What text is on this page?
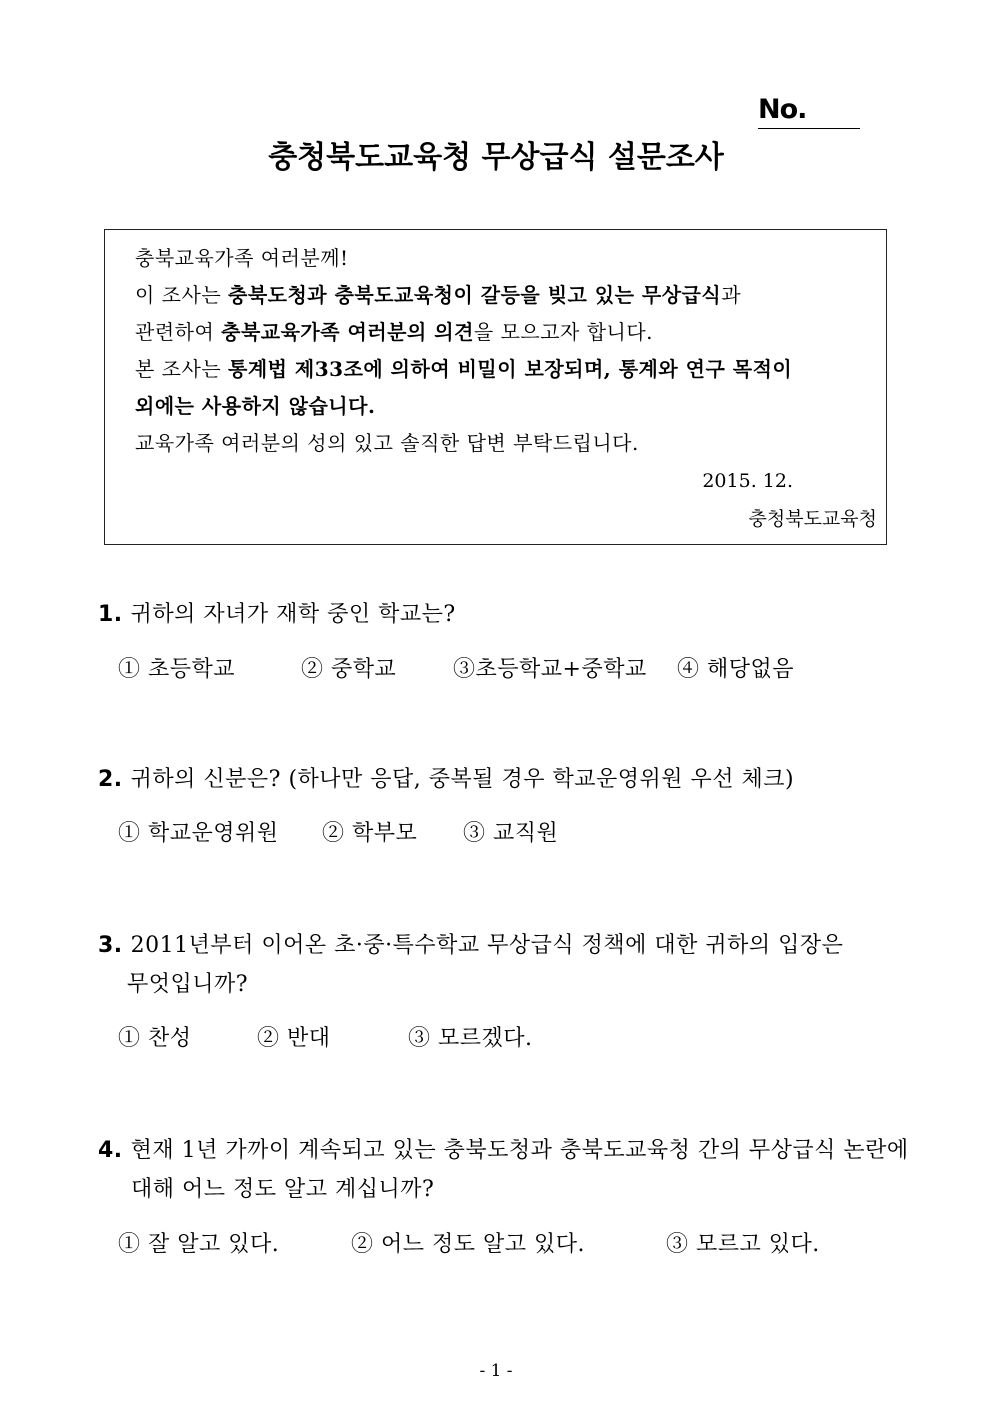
No.
충청북도교육청 무상급식 설문조사
충북교육가족 여러분께!
이 조사는 충북도청과 충북도교육청이 갈등을 빚고 있는 무상급식과
관련하여 충북교육가족 여러분의 의견을 모으고자 합니다.
본 조사는 통계법 제33조에 의하여 비밀이 보장되며, 통계와 연구 목적이
외에는 사용하지 않습니다.
교육가족 여러분의 성의 있고 솔직한 답변 부탁드립니다.
2015. 12.
충청북도교육청
1. 귀하의 자녀가 재학 중인 학교는?
① 초등학교	② 중학교	③초등학교+중학교 ④ 해당없음
2. 귀하의 신분은? (하나만 응답, 중복될 경우 학교운영위원 우선 체크)
① 학교운영위원 ② 학부모 ③ 교직원
3. 2011년부터 이어온 초·중·특수학교 무상급식 정책에 대한 귀하의 입장은
무엇입니까?
① 찬성	② 반대	③ 모르겠다.
4. 현재 1년 가까이 계속되고 있는 충북도청과 충북도교육청 간의 무상급식 논란에
대해 어느 정도 알고 계십니까?
① 잘 알고 있다.	② 어느 정도 알고 있다.	③ 모르고 있다.
- 1 -
